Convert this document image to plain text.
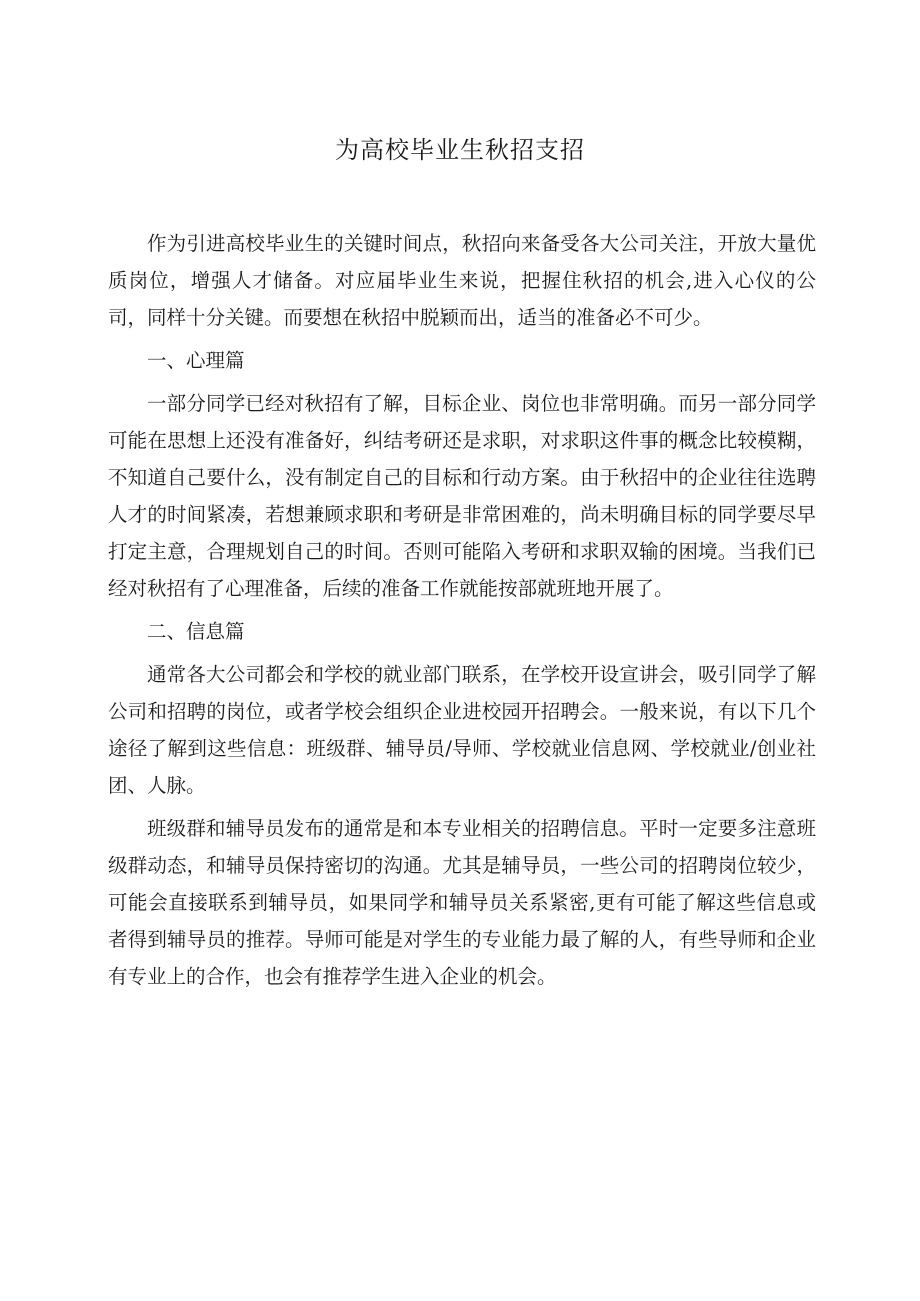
为高校毕业生秋招支招

作为引进高校毕业生的关键时间点，秋招向来备受各大公司关注，开放大量优质岗位，增强人才储备。对应届毕业生来说，把握住秋招的机会,进入心仪的公司，同样十分关键。而要想在秋招中脱颖而出，适当的准备必不可少。

一、心理篇

一部分同学已经对秋招有了解，目标企业、岗位也非常明确。而另一部分同学可能在思想上还没有准备好，纠结考研还是求职，对求职这件事的概念比较模糊，不知道自己要什么，没有制定自己的目标和行动方案。由于秋招中的企业往往选聘人才的时间紧凑，若想兼顾求职和考研是非常困难的，尚未明确目标的同学要尽早打定主意，合理规划自己的时间。否则可能陷入考研和求职双输的困境。当我们已经对秋招有了心理准备，后续的准备工作就能按部就班地开展了。

二、信息篇

通常各大公司都会和学校的就业部门联系，在学校开设宣讲会，吸引同学了解公司和招聘的岗位，或者学校会组织企业进校园开招聘会。一般来说，有以下几个途径了解到这些信息：班级群、辅导员/导师、学校就业信息网、学校就业/创业社团、人脉。

班级群和辅导员发布的通常是和本专业相关的招聘信息。平时一定要多注意班级群动态，和辅导员保持密切的沟通。尤其是辅导员，一些公司的招聘岗位较少，可能会直接联系到辅导员，如果同学和辅导员关系紧密,更有可能了解这些信息或者得到辅导员的推荐。导师可能是对学生的专业能力最了解的人，有些导师和企业有专业上的合作，也会有推荐学生进入企业的机会。
